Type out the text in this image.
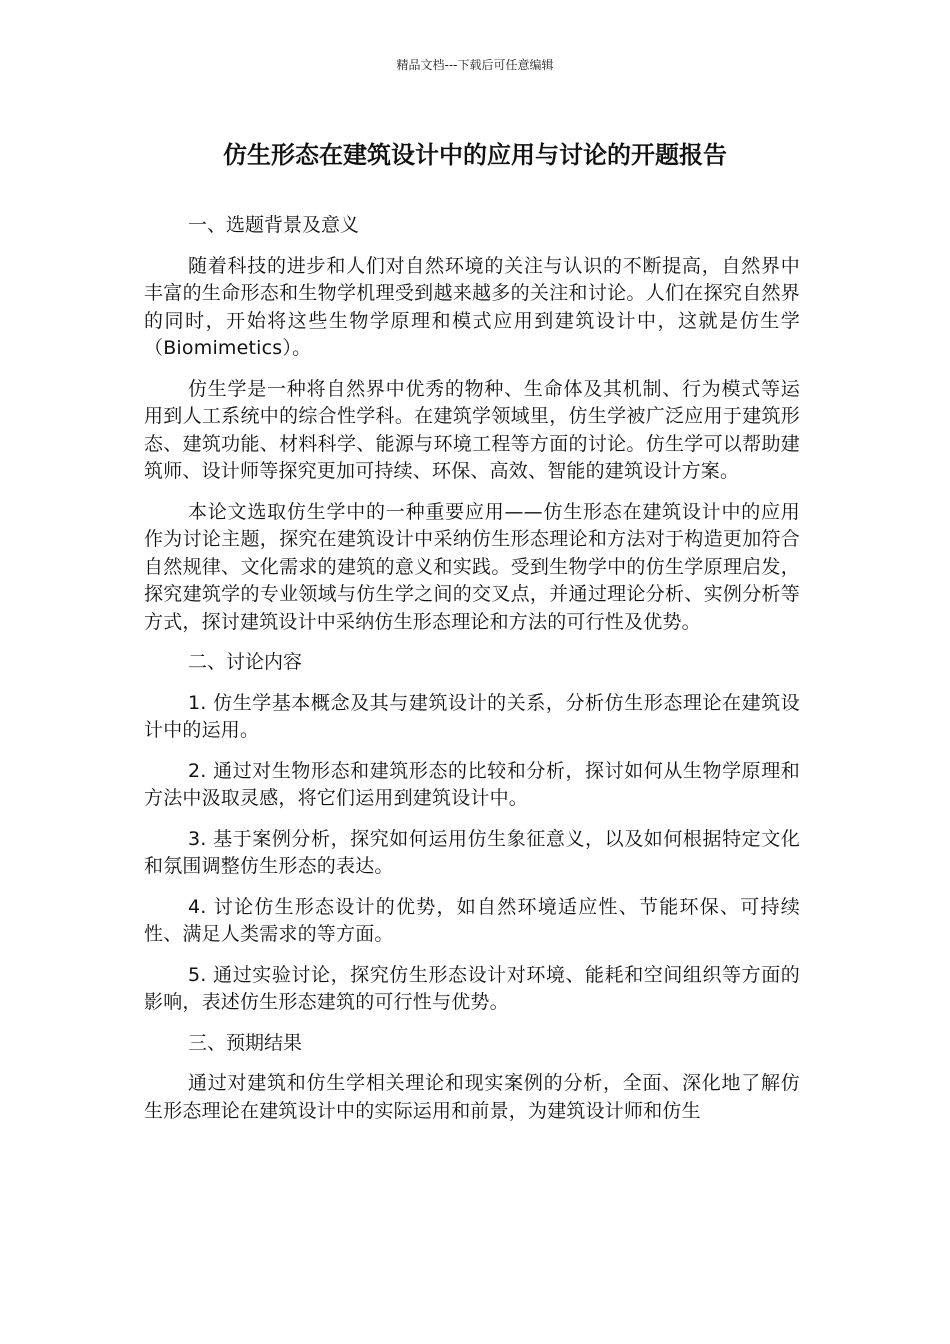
精品文档---下载后可任意编辑
仿生形态在建筑设计中的应用与讨论的开题报告

一、选题背景及意义

随着科技的进步和人们对自然环境的关注与认识的不断提高，自然界中丰富的生命形态和生物学机理受到越来越多的关注和讨论。人们在探究自然界的同时，开始将这些生物学原理和模式应用到建筑设计中，这就是仿生学（Biomimetics）。

仿生学是一种将自然界中优秀的物种、生命体及其机制、行为模式等运用到人工系统中的综合性学科。在建筑学领域里，仿生学被广泛应用于建筑形态、建筑功能、材料科学、能源与环境工程等方面的讨论。仿生学可以帮助建筑师、设计师等探究更加可持续、环保、高效、智能的建筑设计方案。

本论文选取仿生学中的一种重要应用——仿生形态在建筑设计中的应用作为讨论主题，探究在建筑设计中采纳仿生形态理论和方法对于构造更加符合自然规律、文化需求的建筑的意义和实践。受到生物学中的仿生学原理启发，探究建筑学的专业领域与仿生学之间的交叉点，并通过理论分析、实例分析等方式，探讨建筑设计中采纳仿生形态理论和方法的可行性及优势。

二、讨论内容

1. 仿生学基本概念及其与建筑设计的关系，分析仿生形态理论在建筑设计中的运用。

2. 通过对生物形态和建筑形态的比较和分析，探讨如何从生物学原理和方法中汲取灵感，将它们运用到建筑设计中。

3. 基于案例分析，探究如何运用仿生象征意义，以及如何根据特定文化和氛围调整仿生形态的表达。

4. 讨论仿生形态设计的优势，如自然环境适应性、节能环保、可持续性、满足人类需求的等方面。

5. 通过实验讨论，探究仿生形态设计对环境、能耗和空间组织等方面的影响，表述仿生形态建筑的可行性与优势。

三、预期结果

通过对建筑和仿生学相关理论和现实案例的分析，全面、深化地了解仿生形态理论在建筑设计中的实际运用和前景，为建筑设计师和仿生
